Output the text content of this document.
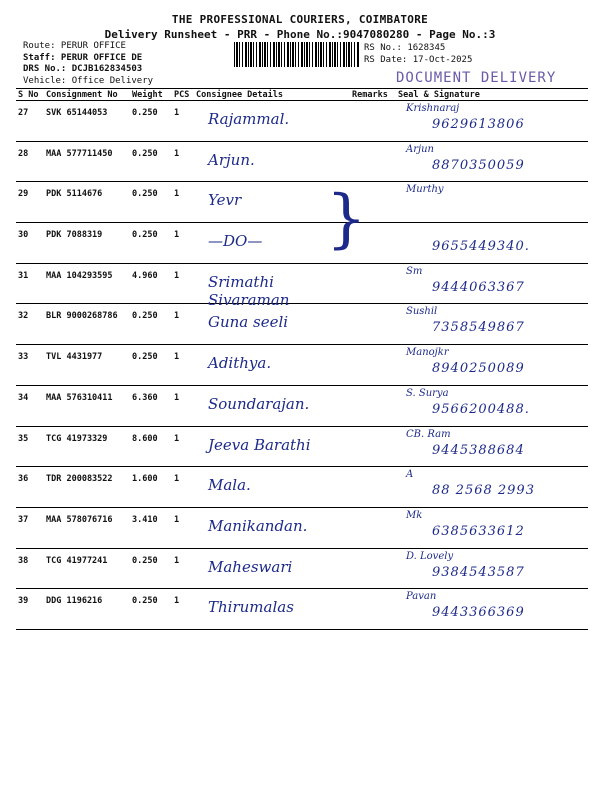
THE PROFESSIONAL COURIERS, COIMBATORE
Delivery Runsheet - PRR - Phone No.:9047080280 - Page No.:3
Route: PERUR OFFICE
Staff: PERUR OFFICE DE
DRS No.: DCJB162834503
Vehicle: Office Delivery
RS No.: 1628345
RS Date: 17-Oct-2025
DOCUMENT DELIVERY
S No	Consignment No	Weight	PCS	Consignee Details	Remarks	Seal & Signature
27	SVK 65144053	0.250	1	Rajammal.		Krishnaraj
9629613806

28	MAA 577711450	0.250	1	Arjun.		Arjun
8870350059

29	PDK 5114676	0.250	1	Yevr		Murthy

30	PDK 7088319	0.250	1	—DO—		9655449340.

31	MAA 104293595	4.960	1	Srimathi Sivaraman		Sm
9444063367

32	BLR 9000268786	0.250	1	Guna seeli		Sushil
7358549867

33	TVL 4431977	0.250	1	Adithya.		Manojkr
8940250089

34	MAA 576310411	6.360	1	Soundarajan.		S. Surya
9566200488.

35	TCG 41973329	8.600	1	Jeeva Barathi		CB. Ram
9445388684

36	TDR 200083522	1.600	1	Mala.		A
88 2568 2993

37	MAA 578076716	3.410	1	Manikandan.		Mk
6385633612

38	TCG 41977241	0.250	1	Maheswari		D. Lovely
9384543587

39	DDG 1196216	0.250	1	Thirumalas		Pavan
9443366369
}
